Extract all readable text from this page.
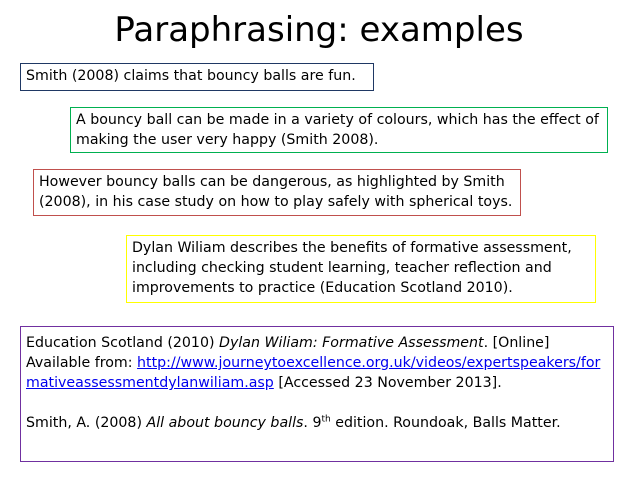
Paraphrasing: examples

Smith (2008) claims that bouncy balls are fun.

A bouncy ball can be made in a variety of colours, which has the effect of making the user very happy (Smith 2008).

However bouncy balls can be dangerous, as highlighted by Smith (2008), in his case study on how to play safely with spherical toys.

Dylan Wiliam describes the benefits of formative assessment, including checking student learning, teacher reflection and improvements to practice (Education Scotland 2010).

Education Scotland (2010) Dylan Wiliam: Formative Assessment. [Online] Available from: http://www.journeytoexcellence.org.uk/videos/expertspeakers/formativeassessmentdylanwiliam.asp [Accessed 23 November 2013].

Smith, A. (2008) All about bouncy balls. 9th edition. Roundoak, Balls Matter.
